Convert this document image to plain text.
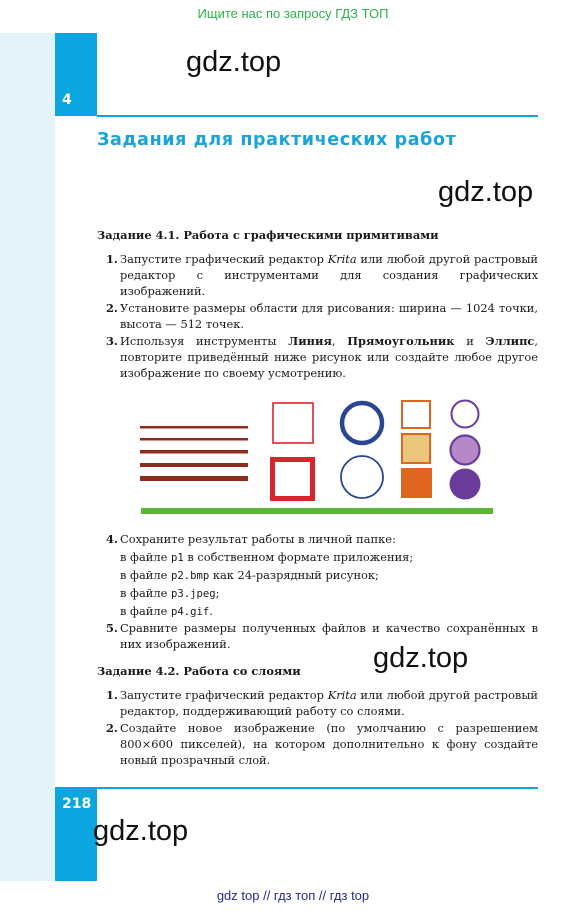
Ищите нас по запросу ГДЗ ТОП
4
gdz.top
Задания для практических работ
gdz.top
Задание 4.1. Работа с графическими примитивами
1. Запустите графический редактор Krita или любой другой растровый редактор с инструментами для создания графических изображений.
2. Установите размеры области для рисования: ширина — 1024 точки, высота — 512 точек.
3. Используя инструменты Линия, Прямоугольник и Эллипс, повторите приведённый ниже рисунок или создайте любое другое изображение по своему усмотрению.
4. Сохраните результат работы в личной папке:
в файле p1 в собственном формате приложения;
в файле p2.bmp как 24-разрядный рисунок;
в файле p3.jpeg;
в файле p4.gif.
5. Сравните размеры полученных файлов и качество сохранённых в них изображений.	gdz.top
Задание 4.2. Работа со слоями
1. Запустите графический редактор Krita или любой другой растровый редактор, поддерживающий работу со слоями.
2. Создайте новое изображение (по умолчанию с разрешением 800×600 пикселей), на котором дополнительно к фону создайте новый прозрачный слой.
218
gdz.top
gdz top // гдз топ // гдз top
